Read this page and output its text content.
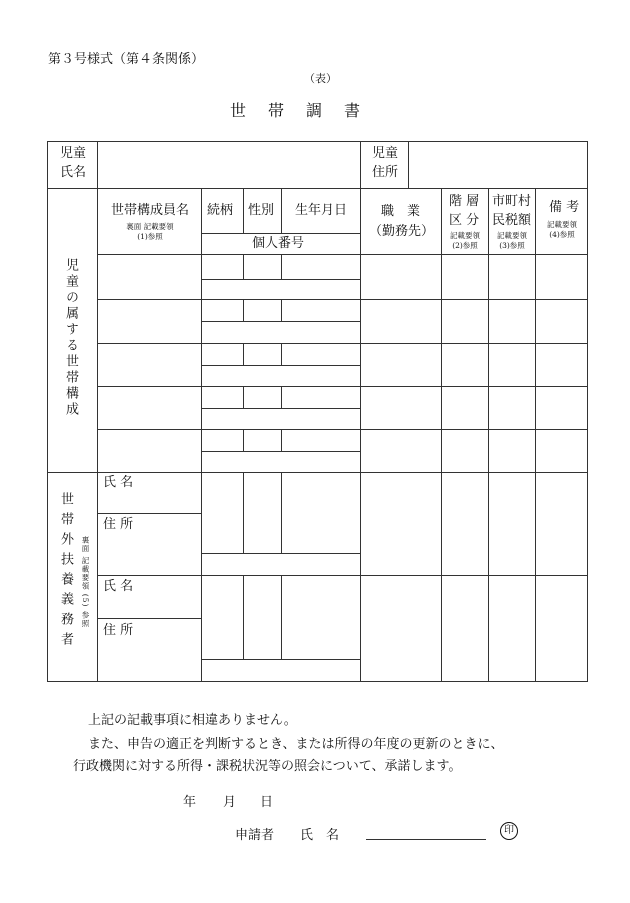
第３号様式（第４条関係）
（表）
世帯調書
児童
氏名
児童
住所
世帯構成員名
裏面 記載要領
(1)参照
続柄 性別 生年月日
個人番号
職　業
（勤務先）
階 層
区 分
記載要領
(2)参照
市町村
民税額
記載要領
(3)参照
備 考
記載要領
(4)参照
児童の属する世帯構成
世帯外扶養義務者 裏面 記載要領 (5) 参照
氏 名
住 所
氏 名
住 所
上記の記載事項に相違ありません。
また、申告の適正を判断するとき、または所得の年度の更新のときに、
行政機関に対する所得・課税状況等の照会について、承諾します。
年 月 日
申請者 氏　名	印
